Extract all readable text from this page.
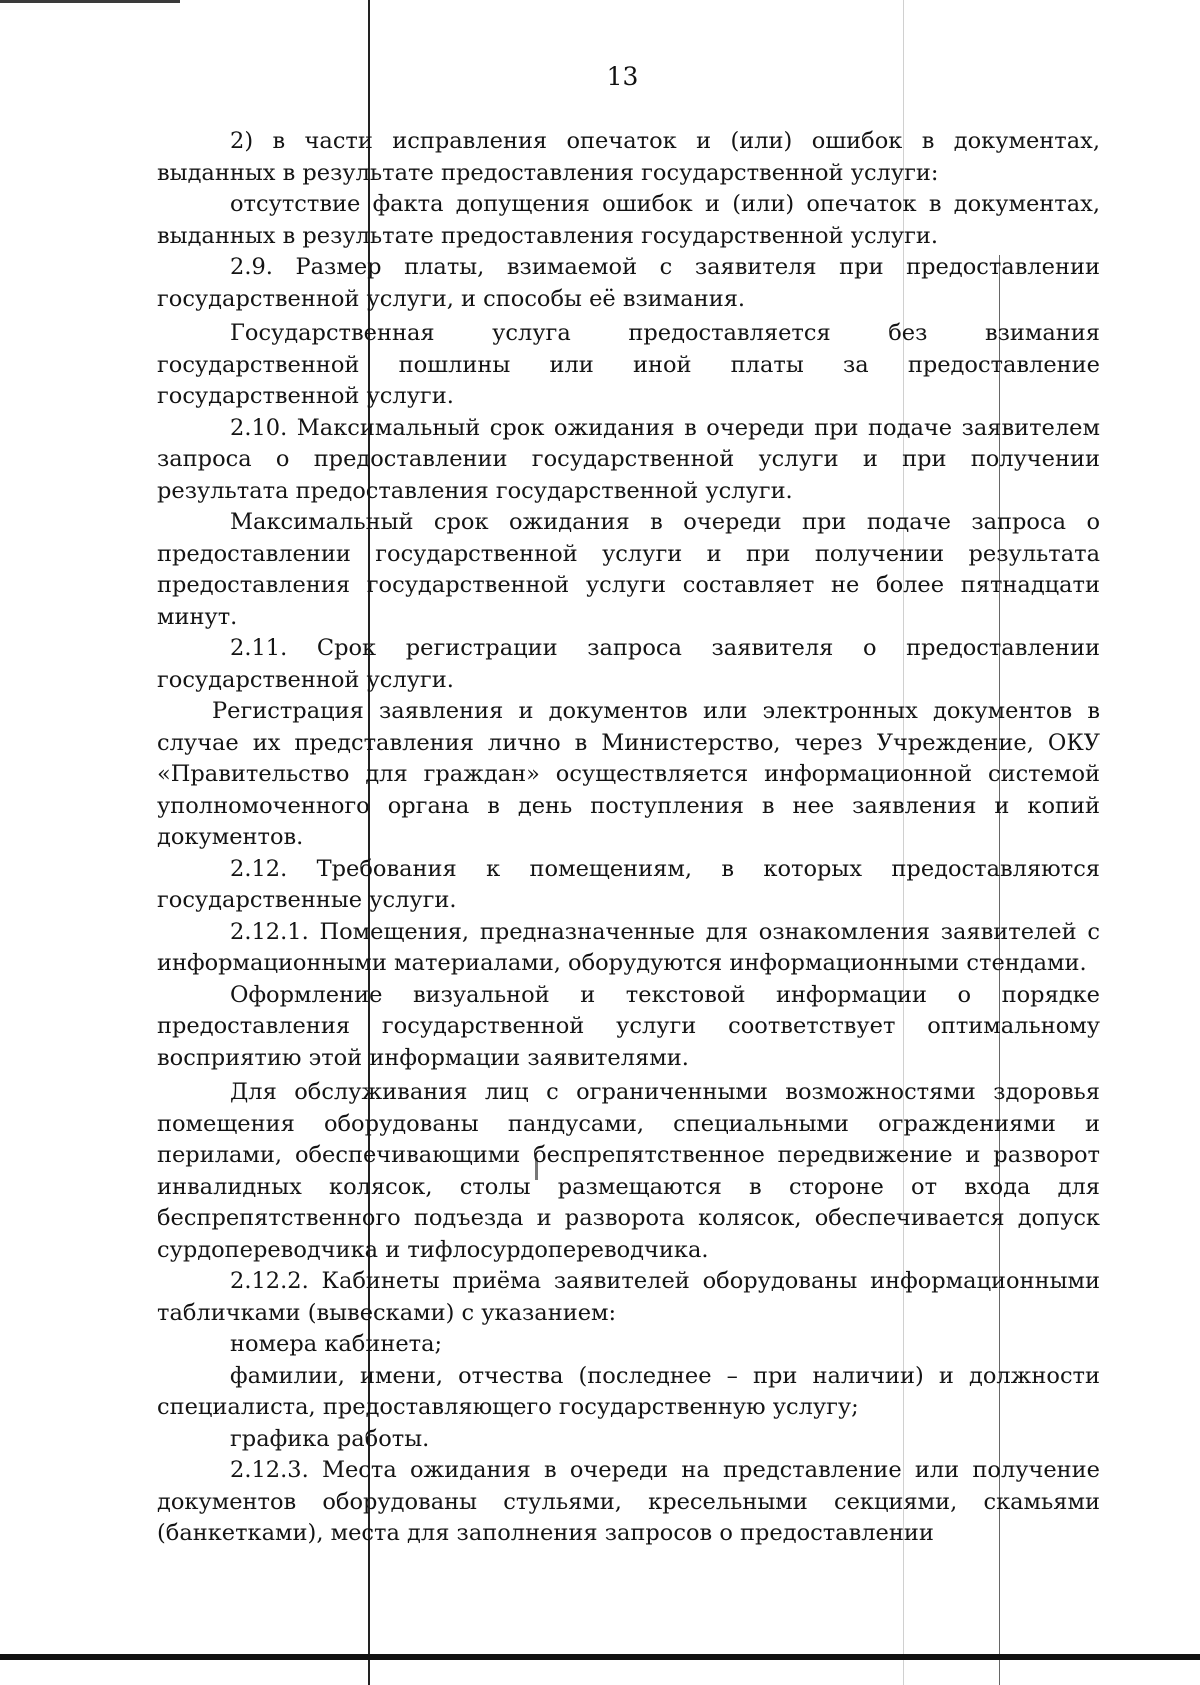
13

2) в части исправления опечаток и (или) ошибок в документах, выданных в результате предоставления государственной услуги:

отсутствие факта допущения ошибок и (или) опечаток в документах, выданных в результате предоставления государственной услуги.

2.9. Размер платы, взимаемой с заявителя при предоставлении государственной услуги, и способы её взимания.

Государственная услуга предоставляется без взимания государственной пошлины или иной платы за предоставление государственной услуги.

2.10. Максимальный срок ожидания в очереди при подаче заявителем запроса о предоставлении государственной услуги и при получении результата предоставления государственной услуги.

Максимальный срок ожидания в очереди при подаче запроса о предоставлении государственной услуги и при получении результата предоставления государственной услуги составляет не более пятнадцати минут.

2.11. Срок регистрации запроса заявителя о предоставлении государственной услуги.

Регистрация заявления и документов или электронных документов в случае их представления лично в Министерство, через Учреждение, ОКУ «Правительство для граждан» осуществляется информационной системой уполномоченного органа в день поступления в нее заявления и копий документов.

2.12. Требования к помещениям, в которых предоставляются государственные услуги.

2.12.1. Помещения, предназначенные для ознакомления заявителей с информационными материалами, оборудуются информационными стендами.

Оформление визуальной и текстовой информации о порядке предоставления государственной услуги соответствует оптимальному восприятию этой информации заявителями.

Для обслуживания лиц с ограниченными возможностями здоровья помещения оборудованы пандусами, специальными ограждениями и перилами, обеспечивающими беспрепятственное передвижение и разворот инвалидных колясок, столы размещаются в стороне от входа для беспрепятственного подъезда и разворота колясок, обеспечивается допуск сурдопереводчика и тифлосурдопереводчика.

2.12.2. Кабинеты приёма заявителей оборудованы информационными табличками (вывесками) с указанием:

номера кабинета;

фамилии, имени, отчества (последнее – при наличии) и должности специалиста, предоставляющего государственную услугу;

графика работы.

2.12.3. Места ожидания в очереди на представление или получение документов оборудованы стульями, кресельными секциями, скамьями (банкетками), места для заполнения запросов о предоставлении
